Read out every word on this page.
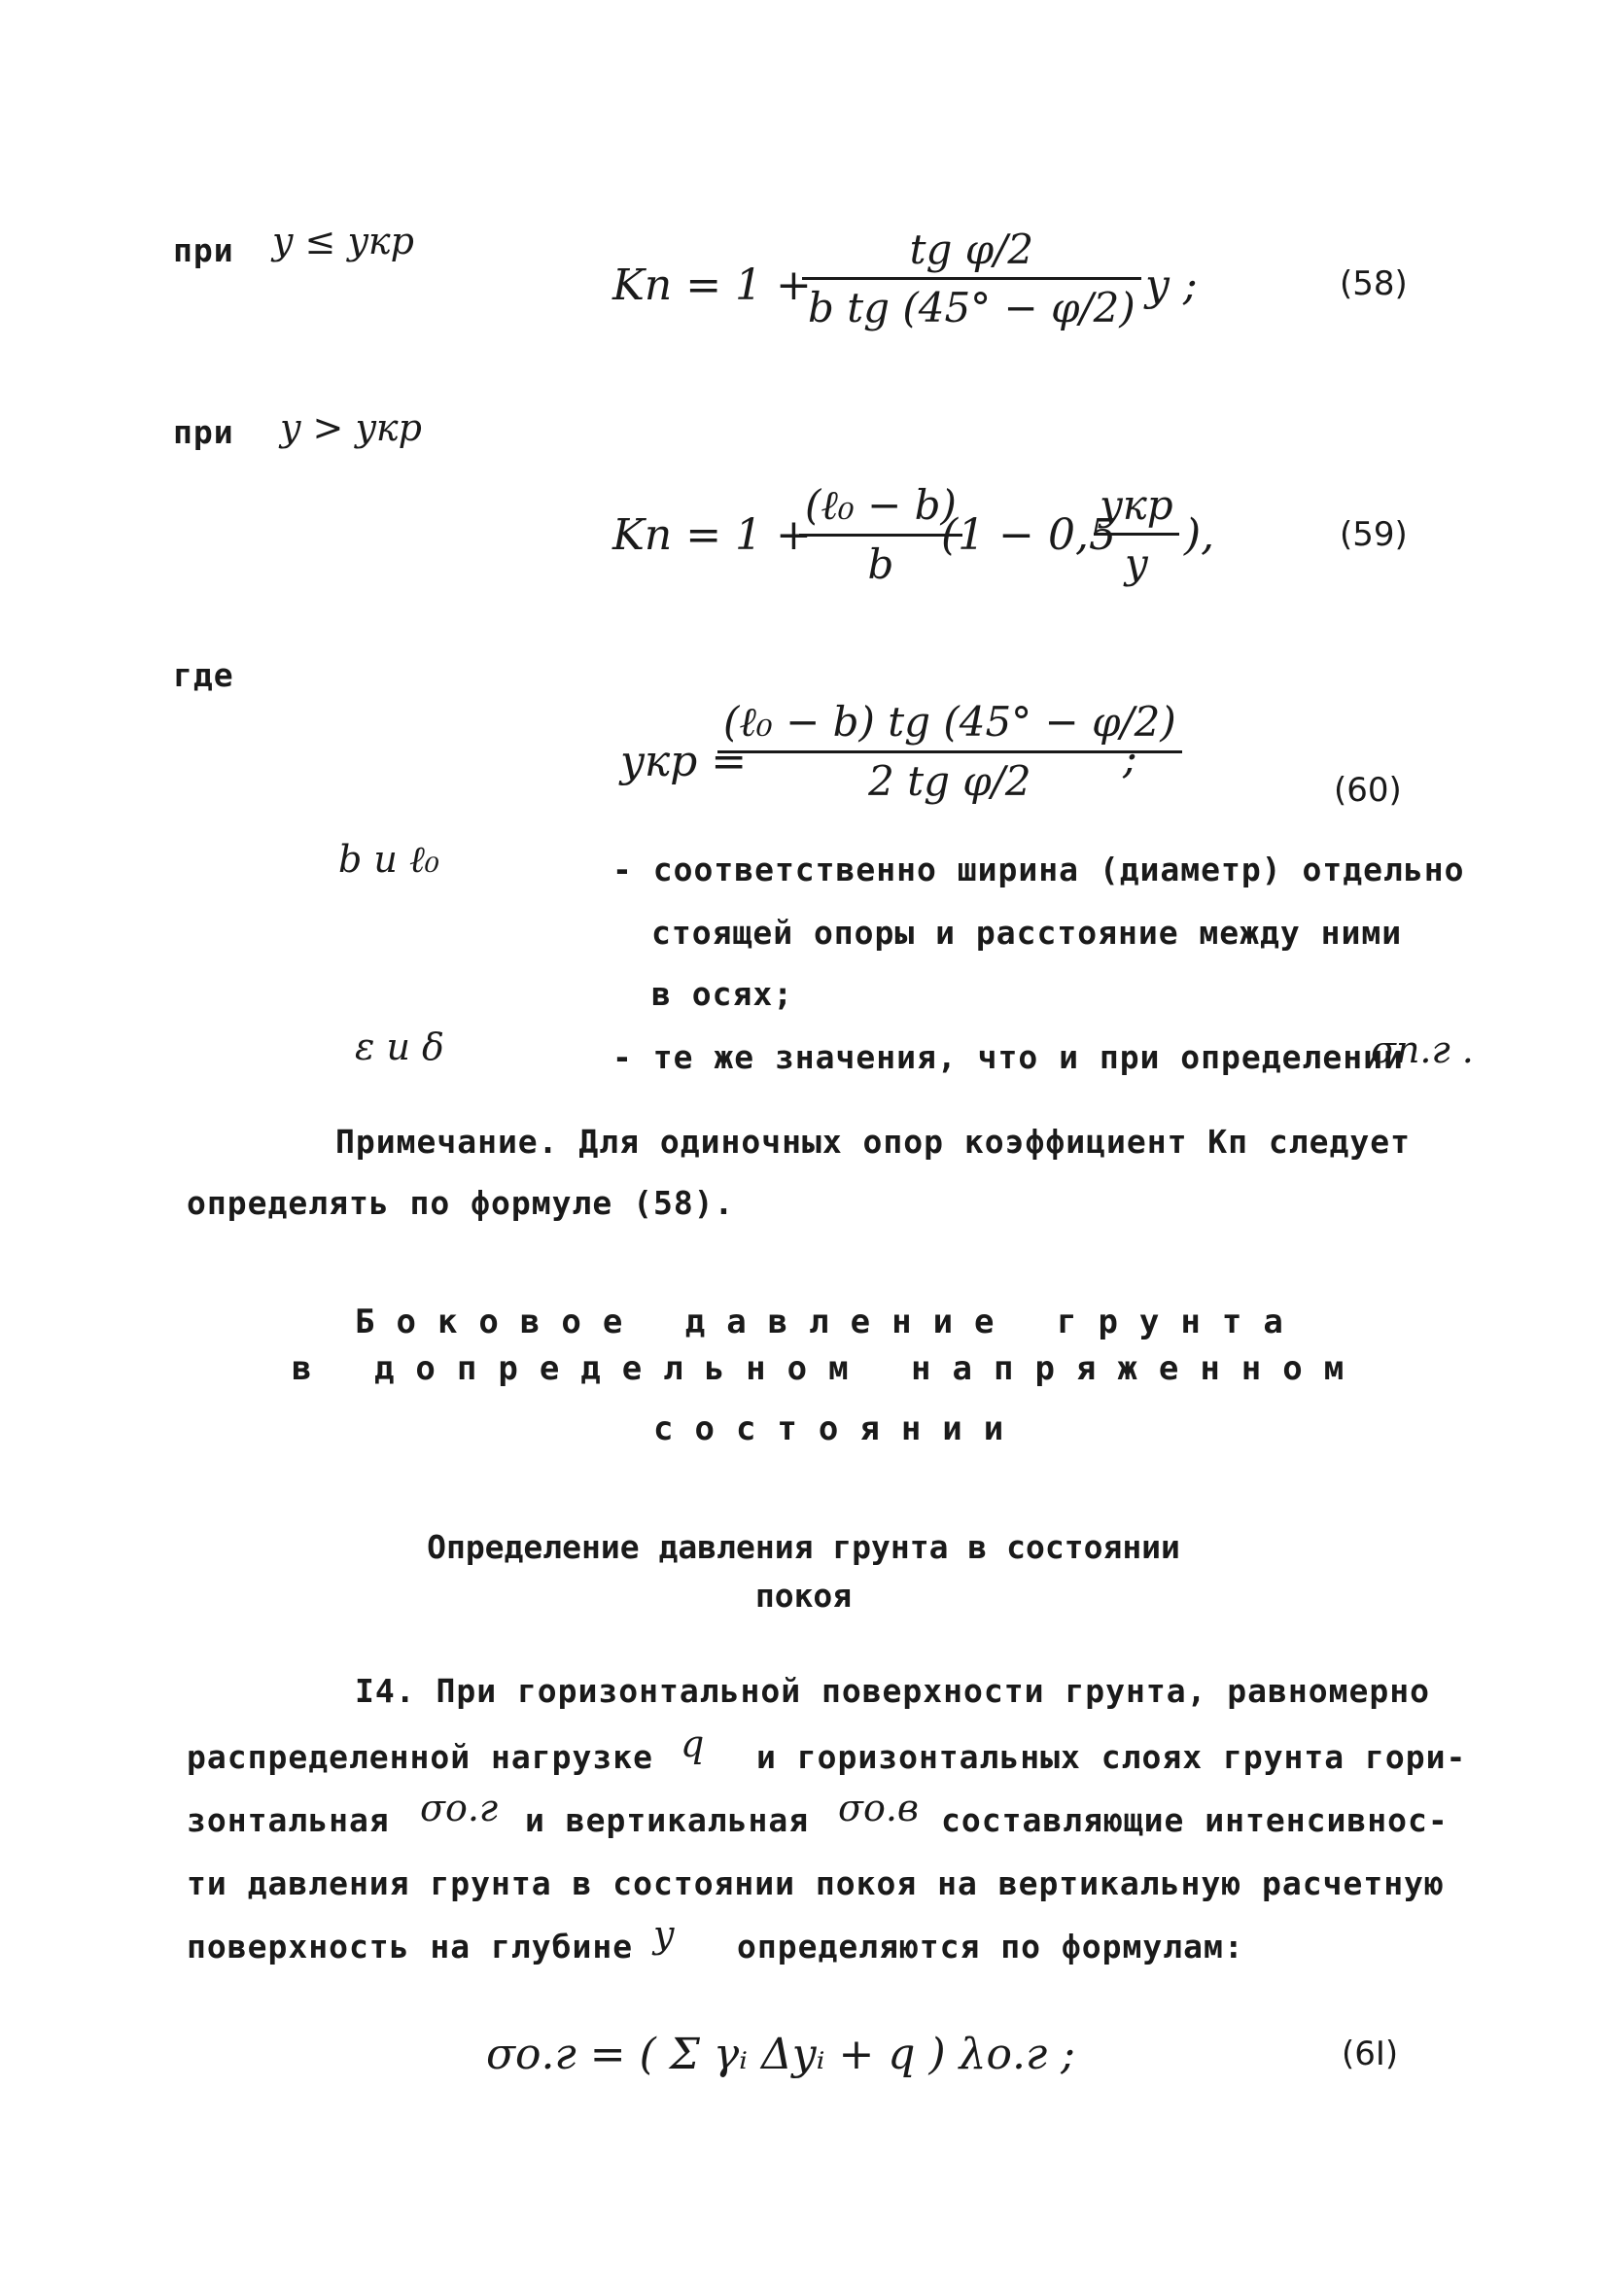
при y ≤ yкр
Kп = 1 +
tg φ/2
b tg (45° − φ/2) y ;	(58)
при y > yкр
Kп = 1 +
(ℓ₀ − b)
b
(1 − 0,5
yкр
y
),	(59)
где
yкр =
(ℓ₀ − b) tg (45° − φ/2)
2 tg φ/2 ;
(60)
b и ℓ₀	- соответственно ширина (диаметр) отдельно
стоящей опоры и расстояние между ними
в осях;
ε и δ	- те же значения, что и при определении
σп.г .
Примечание. Для одиночных опор коэффициент Kп следует
определять по формуле (58).
Боковое давление грунта
в допредельном напряженном
состоянии
Определение давления грунта в состоянии
покоя
I4. При горизонтальной поверхности грунта, равномерно
распределенной нагрузке q и горизонтальных слоях грунта гори-
зонтальная σо.г и вертикальная σо.в составляющие интенсивнос-
ти давления грунта в состоянии покоя на вертикальную расчетную
поверхность на глубине y определяются по формулам:
σо.г = ( Σ γᵢ Δyᵢ + q ) λо.г ;	(6I)
